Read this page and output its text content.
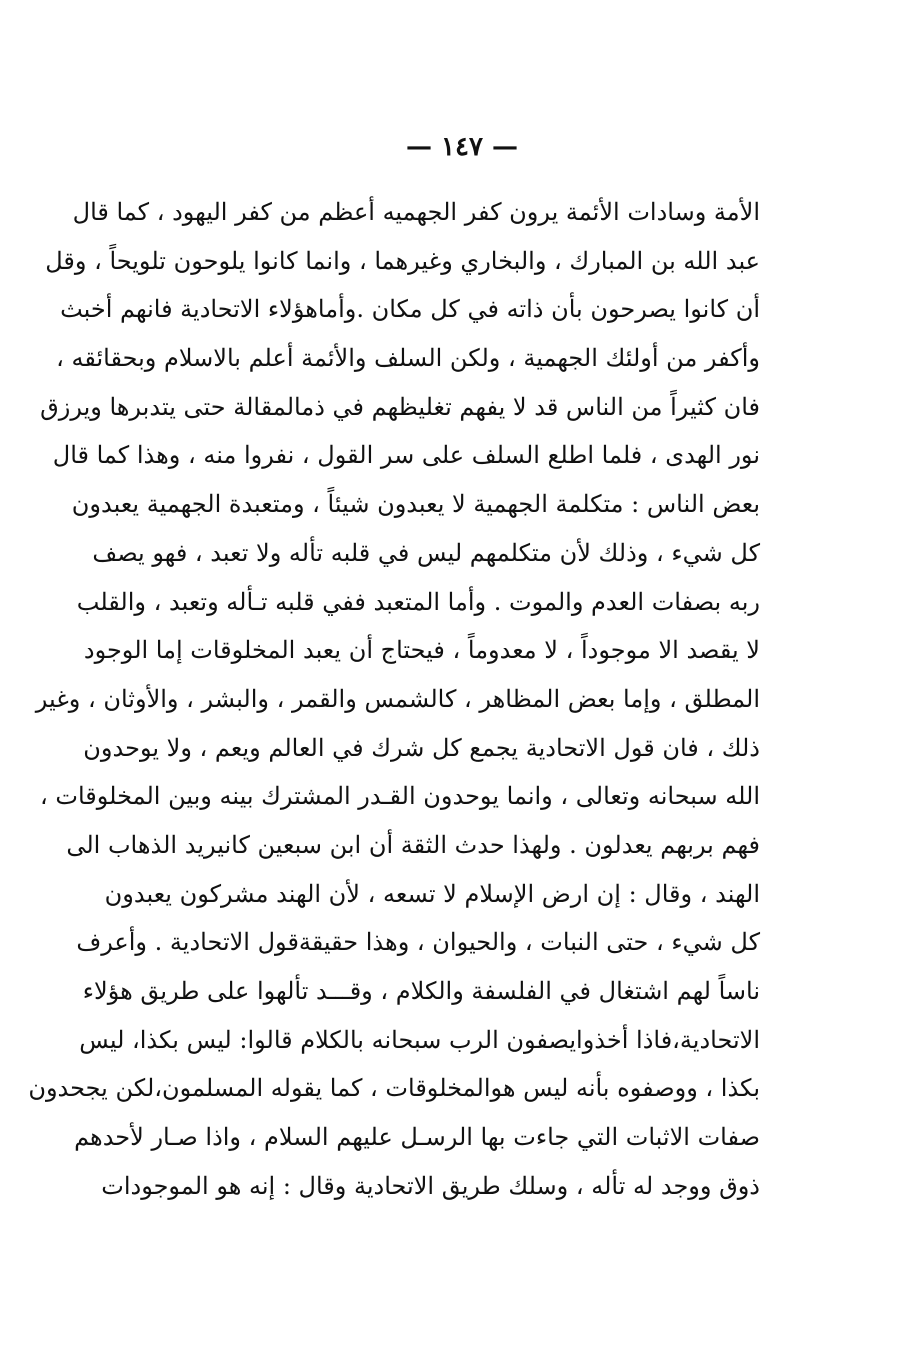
— ١٤٧ —
الأمة وسادات الأئمة يرون كفر الجهميه أعظم من كفر اليهود ، كما قال
عبد الله بن المبارك ، والبخاري وغيرهما ، وانما كانوا يلوحون تلويحاً ، وقل
أن كانوا يصرحون بأن ذاته في كل مكان .وأماهؤلاء الاتحادية فانهم أخبث
وأكفر من أولئك الجهمية ، ولكن السلف والأئمة أعلم بالاسلام وبحقائقه ،
فان كثيراً من الناس قد لا يفهم تغليظهم في ذمالمقالة حتى يتدبرها ويرزق
نور الهدى ، فلما اطلع السلف على سر القول ، نفروا منه ، وهذا كما قال
بعض الناس : متكلمة الجهمية لا يعبدون شيئاً ، ومتعبدة الجهمية يعبدون
كل شيء ، وذلك لأن متكلمهم ليس في قلبه تأله ولا تعبد ، فهو يصف
ربه بصفات العدم والموت . وأما المتعبد ففي قلبه تـأله وتعبد ، والقلب
لا يقصد الا موجوداً ، لا معدوماً ، فيحتاج أن يعبد المخلوقات إما الوجود
المطلق ، وإما بعض المظاهر ، كالشمس والقمر ، والبشر ، والأوثان ، وغير
ذلك ، فان قول الاتحادية يجمع كل شرك في العالم ويعم ، ولا يوحدون
الله سبحانه وتعالى ، وانما يوحدون القـدر المشترك بينه وبين المخلوقات ،
فهم بربهم يعدلون . ولهذا حدث الثقة أن ابن سبعين كانيريد الذهاب الى
الهند ، وقال : إن ارض الإسلام لا تسعه ، لأن الهند مشركون يعبدون
كل شيء ، حتى النبات ، والحيوان ، وهذا حقيقةقول الاتحادية . وأعرف
ناساً لهم اشتغال في الفلسفة والكلام ، وقـــد تألهوا على طريق هؤلاء
الاتحادية،فاذا أخذوايصفون الرب سبحانه بالكلام قالوا: ليس بكذا، ليس
بكذا ، ووصفوه بأنه ليس هوالمخلوقات ، كما يقوله المسلمون،لكن يجحدون
صفات الاثبات التي جاءت بها الرسـل عليهم السلام ، واذا صـار لأحدهم
ذوق ووجد له تأله ، وسلك طريق الاتحادية وقال : إنه هو الموجودات
